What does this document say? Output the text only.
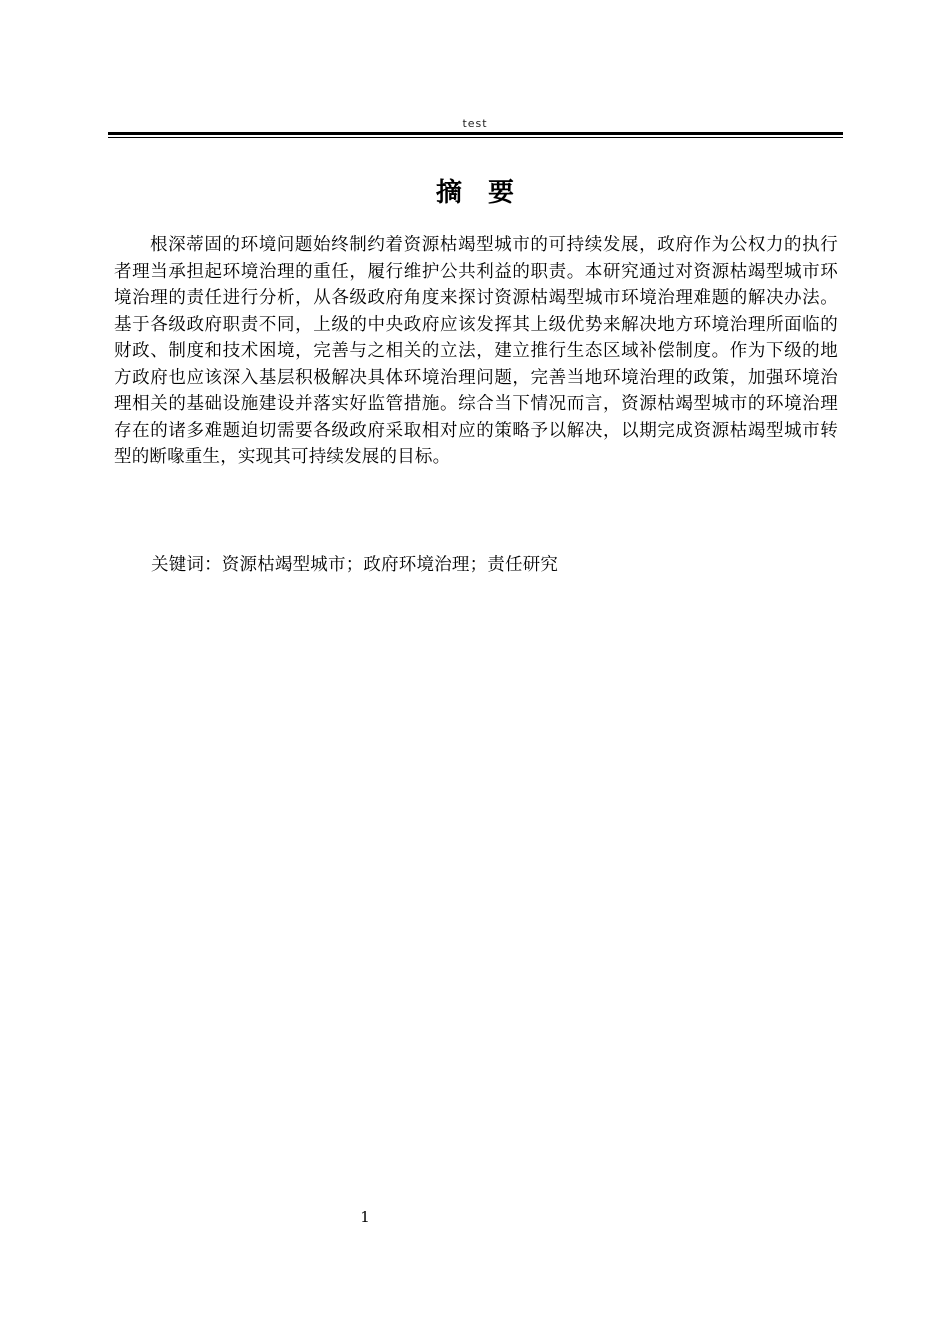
test
摘要
根深蒂固的环境问题始终制约着资源枯竭型城市的可持续发展，政府作为公权力的执行者理当承担起环境治理的重任，履行维护公共利益的职责。本研究通过对资源枯竭型城市环境治理的责任进行分析，从各级政府角度来探讨资源枯竭型城市环境治理难题的解决办法。基于各级政府职责不同，上级的中央政府应该发挥其上级优势来解决地方环境治理所面临的财政、制度和技术困境，完善与之相关的立法，建立推行生态区域补偿制度。作为下级的地方政府也应该深入基层积极解决具体环境治理问题，完善当地环境治理的政策，加强环境治理相关的基础设施建设并落实好监管措施。综合当下情况而言，资源枯竭型城市的环境治理存在的诸多难题迫切需要各级政府采取相对应的策略予以解决，以期完成资源枯竭型城市转型的断喙重生，实现其可持续发展的目标。
关键词：资源枯竭型城市；政府环境治理；责任研究
1
